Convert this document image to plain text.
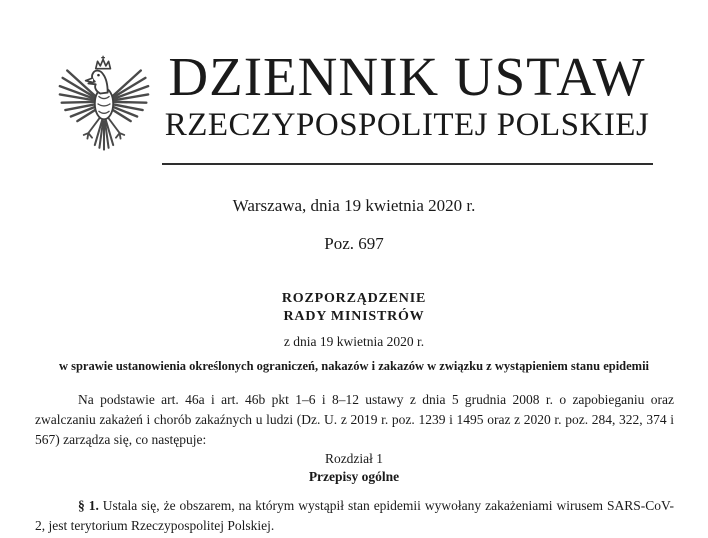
DZIENNIK USTAW
RZECZYPOSPOLITEJ POLSKIEJ
Warszawa, dnia 19 kwietnia 2020 r.
Poz. 697
ROZPORZĄDZENIE
RADY MINISTRÓW
z dnia 19 kwietnia 2020 r.
w sprawie ustanowienia określonych ograniczeń, nakazów i zakazów w związku z wystąpieniem stanu epidemii

Na podstawie art. 46a i art. 46b pkt 1–6 i 8–12 ustawy z dnia 5 grudnia 2008 r. o zapobieganiu oraz zwalczaniu zakażeń i chorób zakaźnych u ludzi (Dz. U. z 2019 r. poz. 1239 i 1495 oraz z 2020 r. poz. 284, 322, 374 i 567) zarządza się, co następuje:

Rozdział 1
Przepisy ogólne

§ 1. Ustala się, że obszarem, na którym wystąpił stan epidemii wywołany zakażeniami wirusem SARS-CoV-2, jest terytorium Rzeczypospolitej Polskiej.
